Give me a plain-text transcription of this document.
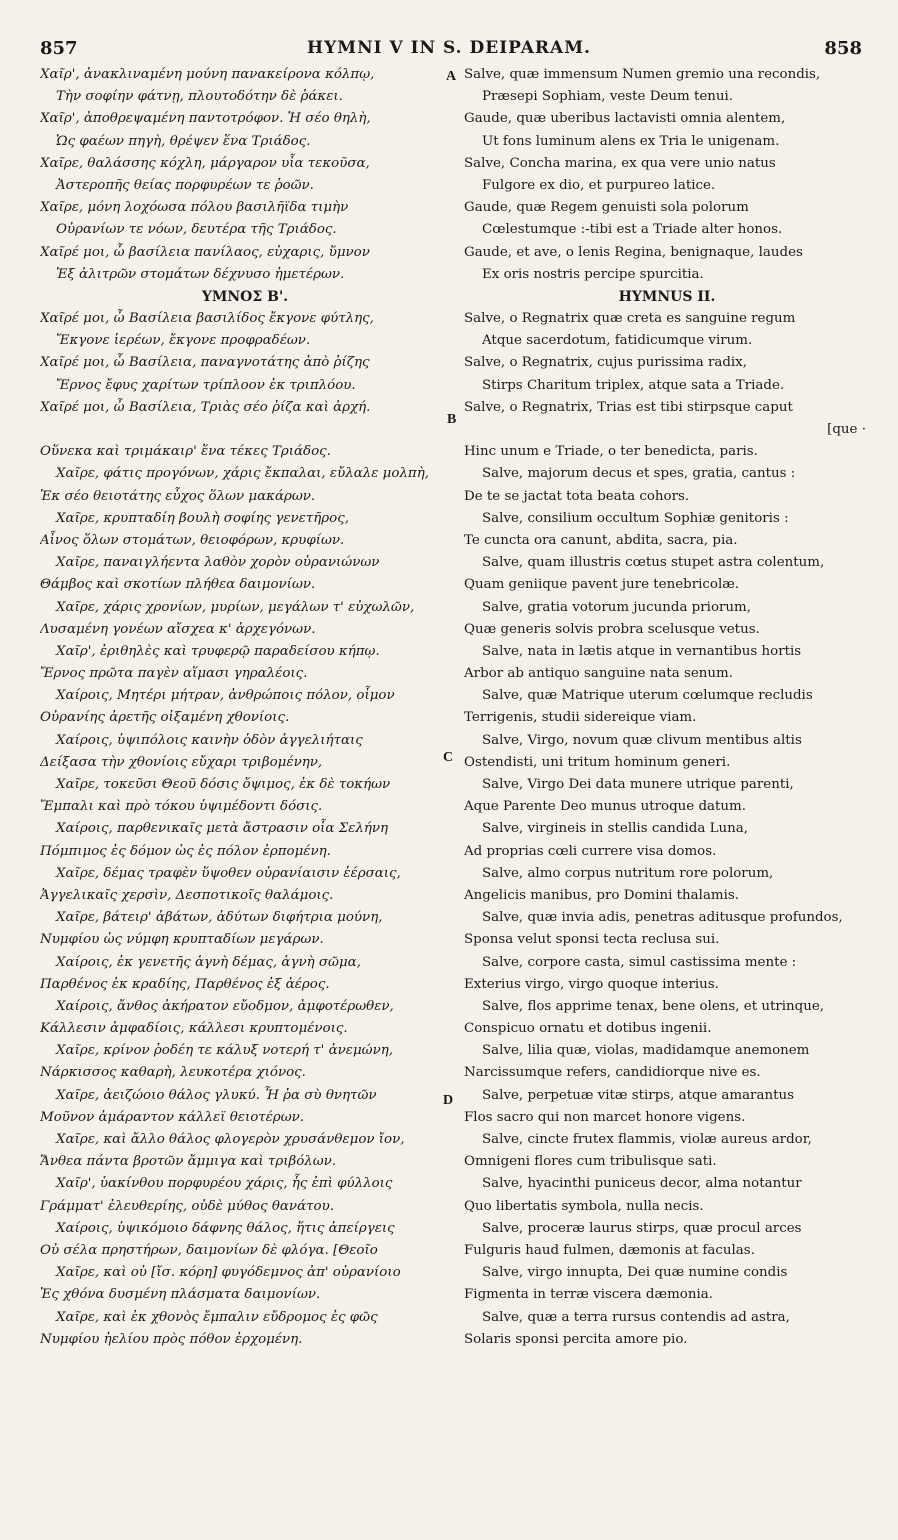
857	HYMNI V IN S. DEIPARAM.	858
Χαῖρ', ἀνακλιναμένη μούνη πανακείρονα κόλπῳ,
Τὴν σοφίην φάτνῃ, πλουτοδότην δὲ ῥάκει.
Χαῖρ', ἀποθρεψαμένη παντοτρόφον. Ἡ σέο θηλὴ,
Ὡς φαέων πηγὴ, θρέψεν ἕνα Τριάδος.
Χαῖρε, θαλάσσης κόχλη, μάργαρον υἷα τεκοῦσα,
Ἀστεροπῆς θείας πορφυρέων τε ῥοῶν.
Χαῖρε, μόνη λοχόωσα πόλου βασιλῆϊδα τιμὴν
Οὐρανίων τε νόων, δευτέρα τῆς Τριάδος.
Χαῖρέ μοι, ὦ βασίλεια πανίλαος, εὐχαρις, ὕμνον
Ἐξ ἀλιτρῶν στομάτων δέχνυσο ἡμετέρων.
ΥΜΝΟΣ Β'.
Χαῖρέ μοι, ὦ Βασίλεια βασιλίδος ἔκγονε φύτλης,
Ἔκγονε ἱερέων, ἔκγονε προφραδέων.
Χαῖρέ μοι, ὦ Βασίλεια, παναγνοτάτης ἀπὸ ῥίζης
Ἔρνος ἔφυς χαρίτων τρίπλοον ἐκ τριπλόου.
Χαῖρέ μοι, ὦ Βασίλεια, Τριὰς σέο ῥίζα καὶ ἀρχή.
Οὕνεκα καὶ τριμάκαιρ' ἕνα τέκες Τριάδος.
Χαῖρε, φάτις προγόνων, χάρις ἔκπαλαι, εὔλαλε μολπὴ,
Ἐκ σέο θειοτάτης εὖχος ὅλων μακάρων.
Χαῖρε, κρυπταδίη βουλὴ σοφίης γενετῆρος,
Αἶνος ὅλων στομάτων, θειοφόρων, κρυφίων.
Χαῖρε, παναιγλήεντα λαθὸν χορὸν οὐρανιώνων
Θάμβος καὶ σκοτίων πλήθεα δαιμονίων.
Χαῖρε, χάρις χρονίων, μυρίων, μεγάλων τ' εὐχωλῶν,
Λυσαμένη γονέων αἴσχεα κ' ἀρχεγόνων.
Χαῖρ', ἐριθηλὲς καὶ τρυφερῷ παραδείσου κήπῳ.
Ἔρνος πρῶτα παγὲν αἵμασι γηραλέοις.
Χαίροις, Μητέρι μήτραν, ἀνθρώποις πόλον, οἶμον
Οὐρανίης ἀρετῆς οἰξαμένη χθονίοις.
Χαίροις, ὑψιπόλοις καινὴν ὁδὸν ἀγγελιήταις
Δείξασα τὴν χθονίοις εὔχαρι τριβομένην,
Χαῖρε, τοκεῦσι Θεοῦ δόσις ὄψιμος, ἐκ δὲ τοκήων
Ἔμπαλι καὶ πρὸ τόκου ὑψιμέδοντι δόσις.
Χαίροις, παρθενικαῖς μετὰ ἄστρασιν οἷα Σελήνη
Πόμπιμος ἐς δόμον ὡς ἐς πόλον ἐρπομένη.
Χαῖρε, δέμας τραφὲν ὕψοθεν οὐρανίαισιν ἐέρσαις,
Ἀγγελικαῖς χερσὶν, Δεσποτικοῖς θαλάμοις.
Χαῖρε, βάτειρ' ἀβάτων, ἀδύτων διφήτρια μούνη,
Νυμφίου ὡς νύμφη κρυπταδίων μεγάρων.
Χαίροις, ἐκ γενετῆς ἁγνὴ δέμας, ἁγνὴ σῶμα,
Παρθένος ἐκ κραδίης, Παρθένος ἐξ ἀέρος.
Χαίροις, ἄνθος ἀκήρατον εὔοδμον, ἀμφοτέρωθεν,
Κάλλεσιν ἀμφαδίοις, κάλλεσι κρυπτομένοις.
Χαῖρε, κρίνον ῥοδέη τε κάλυξ νοτερή τ' ἀνεμώνη,
Νάρκισσος καθαρὴ, λευκοτέρα χιόνος.
Χαῖρε, ἀειζώοιο θάλος γλυκύ. Ἦ ῥα σὺ θνητῶν
Μοῦνον ἀμάραντον κάλλεϊ θειοτέρων.
Χαῖρε, καὶ ἄλλο θάλος φλογερὸν χρυσάνθεμον ἴον,
Ἄνθεα πάντα βροτῶν ἄμμιγα καὶ τριβόλων.
Χαῖρ', ὑακίνθου πορφυρέου χάρις, ἧς ἐπὶ φύλλοις
Γράμματ' ἐλευθερίης, οὐδὲ μύθος θανάτου.
Χαίροις, ὑψικόμοιο δάφνης θάλος, ἥτις ἀπείργεις
Οὐ σέλα πρηστήρων, δαιμονίων δὲ φλόγα. [Θεοῖο
Χαῖρε, καὶ οὐ [ἴσ. κόρη] φυγόδεμνος ἀπ' οὐρανίοιο
Ἐς χθόνα δυσμένη πλάσματα δαιμονίων.
Χαῖρε, καὶ ἐκ χθονὸς ἔμπαλιν εὔδρομος ἐς φῶς
Νυμφίου ἠελίου πρὸς πόθον ἐρχομένη.
Salve, quæ immensum Numen gremio una recondis,
Præsepi Sophiam, veste Deum tenui.
Gaude, quæ uberibus lactavisti omnia alentem,
Ut fons luminum alens ex Tria le unigenam.
Salve, Concha marina, ex qua vere unio natus
Fulgore ex dio, et purpureo latice.
Gaude, quæ Regem genuisti sola polorum
Cœlestumque :-tibi est a Triade alter honos.
Gaude, et ave, o lenis Regina, benignaque, laudes
Ex oris nostris percipe spurcitia.
HYMNUS II.
Salve, o Regnatrix quæ creta es sanguine regum
Atque sacerdotum, fatidicumque virum.
Salve, o Regnatrix, cujus purissima radix,
Stirps Charitum triplex, atque sata a Triade.
Salve, o Regnatrix, Trias est tibi stirpsque caput
[que ·
Hinc unum e Triade, o ter benedicta, paris.
Salve, majorum decus et spes, gratia, cantus :
De te se jactat tota beata cohors.
Salve, consilium occultum Sophiæ genitoris :
Te cuncta ora canunt, abdita, sacra, pia.
Salve, quam illustris cœtus stupet astra colentum,
Quam geniique pavent jure tenebricolæ.
Salve, gratia votorum jucunda priorum,
Quæ generis solvis probra scelusque vetus.
Salve, nata in lætis atque in vernantibus hortis
Arbor ab antiquo sanguine nata senum.
Salve, quæ Matrique uterum cœlumque recludis
Terrigenis, studii sidereique viam.
Salve, Virgo, novum quæ clivum mentibus altis
Ostendisti, uni tritum hominum generi.
Salve, Virgo Dei data munere utrique parenti,
Aque Parente Deo munus utroque datum.
Salve, virgineis in stellis candida Luna,
Ad proprias cœli currere visa domos.
Salve, almo corpus nutritum rore polorum,
Angelicis manibus, pro Domini thalamis.
Salve, quæ invia adis, penetras aditusque profundos,
Sponsa velut sponsi tecta reclusa sui.
Salve, corpore casta, simul castissima mente :
Exterius virgo, virgo quoque interius.
Salve, flos apprime tenax, bene olens, et utrinque,
Conspicuo ornatu et dotibus ingenii.
Salve, lilia quæ, violas, madidamque anemonem
Narcissumque refers, candidiorque nive es.
Salve, perpetuæ vitæ stirps, atque amarantus
Flos sacro qui non marcet honore vigens.
Salve, cincte frutex flammis, violæ aureus ardor,
Omnigeni flores cum tribulisque sati.
Salve, hyacinthi puniceus decor, alma notantur
Quo libertatis symbola, nulla necis.
Salve, proceræ laurus stirps, quæ procul arces
Fulguris haud fulmen, dæmonis at faculas.
Salve, virgo innupta, Dei quæ numine condis
Figmenta in terræ viscera dæmonia.
Salve, quæ a terra rursus contendis ad astra,
Solaris sponsi percita amore pio.
A
B
C
D
